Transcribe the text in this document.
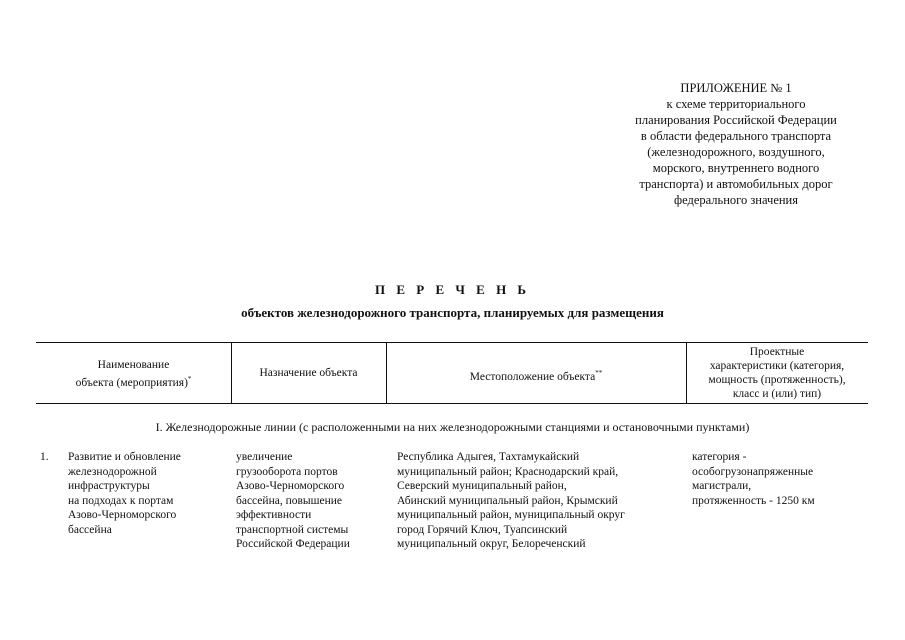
ПРИЛОЖЕНИЕ № 1
к схеме территориального
планирования Российской Федерации
в области федерального транспорта
(железнодорожного, воздушного,
морского, внутреннего водного
транспорта) и автомобильных дорог
федерального значения
П Е Р Е Ч Е Н Ь
объектов железнодорожного транспорта, планируемых для размещения
Наименование
объекта (мероприятия)*	Назначение объекта	Местоположение объекта**
Проектные
характеристики (категория,
мощность (протяженность),
класс и (или) тип)
I. Железнодорожные линии (с расположенными на них железнодорожными станциями и остановочными пунктами)
1. Развитие и обновление
железнодорожной
инфраструктуры
на подходах к портам
Азово-Черноморского
бассейна
увеличение
грузооборота портов
Азово-Черноморского
бассейна, повышение
эффективности
транспортной системы
Российской Федерации
Республика Адыгея, Тахтамукайский
муниципальный район; Краснодарский край,
Северский муниципальный район,
Абинский муниципальный район, Крымский
муниципальный район, муниципальный округ
город Горячий Ключ, Туапсинский
муниципальный округ, Белореченский
категория -
особогрузонапряженные
магистрали,
протяженность - 1250 км
